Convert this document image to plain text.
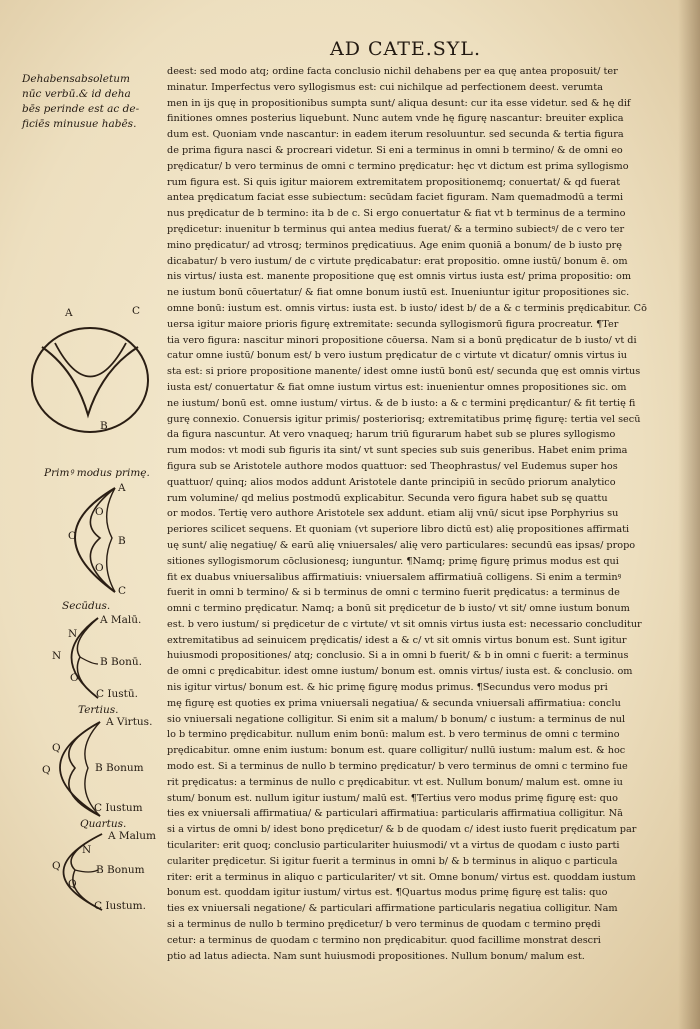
AD CATE.SYL.
Dehabensabsoletum
nūc verbū.& id deha
bēs perinde est ac de-
ficiēs minusue habēs.
deest: sed modo atq; ordine facta conclusio nichil dehabens per ea quę antea proposuit/ ter
minatur. Imperfectus vero syllogismus est: cui nichilque ad perfectionem deest. verumta
men in ijs quę in propositionibus sumpta sunt/ aliqua desunt: cur ita esse videtur. sed & hę dif
finitiones omnes posterius liquebunt. Nunc autem vnde hę figurę nascantur: breuiter explica
dum est. Quoniam vnde nascantur: in eadem iterum resoluuntur. sed secunda & tertia figura
de prima figura nasci & procreari videtur. Si eni a terminus in omni b termino/ & de omni eo
prędicatur/ b vero terminus de omni c termino prędicatur: hęc vt dictum est prima syllogismo
rum figura est. Si quis igitur maiorem extremitatem propositionemq; conuertat/ & qd fuerat
antea prędicatum faciat esse subiectum: secūdam faciet figuram. Nam quemadmodū a termi
nus prędicatur de b termino: ita b de c. Si ergo conuertatur & fiat vt b terminus de a termino
prędicetur: inuenitur b terminus qui antea medius fuerat/ & a termino subiectꝰ/ de c vero ter
mino prędicatur/ ad vtrosq; terminos prędicatiuus. Age enim quoniā a bonum/ de b iusto prę
dicabatur/ b vero iustum/ de c virtute prędicabatur: erat propositio. omne iustū/ bonum ē. om
nis virtus/ iusta est. manente propositione quę est omnis virtus iusta est/ prima propositio: om
ne iustum bonū cōuertatur/ & fiat omne bonum iustū est. Inueniuntur igitur propositiones sic.
omne bonū: iustum est. omnis virtus: iusta est. b iusto/ idest b/ de a & c terminis prędicabitur. Cō
uersa igitur maiore prioris figurę extremitate: secunda syllogismorū figura procreatur. ¶Ter
tia vero figura: nascitur minori propositione cōuersa. Nam si a bonū prędicatur de b iusto/ vt di
catur omne iustū/ bonum est/ b vero iustum prędicatur de c virtute vt dicatur/ omnis virtus iu
sta est: si priore propositione manente/ idest omne iustū bonū est/ secunda quę est omnis virtus
iusta est/ conuertatur & fiat omne iustum virtus est: inuenientur omnes propositiones sic. om
ne iustum/ bonū est. omne iustum/ virtus. & de b iusto: a & c termini prędicantur/ & fit tertię fi
gurę connexio. Conuersis igitur primis/ posteriorisq; extremitatibus primę figurę: tertia vel secū
da figura nascuntur. At vero vnaqueq; harum triū figurarum habet sub se plures syllogismo
rum modos: vt modi sub figuris ita sint/ vt sunt species sub suis generibus. Habet enim prima
figura sub se Aristotele authore modos quattuor: sed Theophrastus/ vel Eudemus super hos
quattuor/ quinq; alios modos addunt Aristotele dante principiū in secūdo priorum analytico
rum volumine/ qd melius postmodū explicabitur. Secunda vero figura habet sub sę quattu
or modos. Tertię vero authore Aristotele sex addunt. etiam alij vnū/ sicut ipse Porphyrius su
periores scilicet sequens. Et quoniam (vt superiore libro dictū est) alię propositiones affirmati
uę sunt/ alię negatiuę/ & earū alię vniuersales/ alię vero particulares: secundū eas ipsas/ propo
sitiones syllogismorum cōclusionesq; iunguntur. ¶Namq; primę figurę primus modus est qui
fit ex duabus vniuersalibus affirmatiuis: vniuersalem affirmatiuā colligens. Si enim a terminꝰ
fuerit in omni b termino/ & si b terminus de omni c termino fuerit prędicatus: a terminus de
omni c termino prędicatur. Namq; a bonū sit prędicetur de b iusto/ vt sit/ omne iustum bonum
est. b vero iustum/ si prędicetur de c virtute/ vt sit omnis virtus iusta est: necessario concluditur
extremitatibus ad seinuicem prędicatis/ idest a & c/ vt sit omnis virtus bonum est. Sunt igitur
huiusmodi propositiones/ atq; conclusio. Si a in omni b fuerit/ & b in omni c fuerit: a terminus
de omni c prędicabitur. idest omne iustum/ bonum est. omnis virtus/ iusta est. & conclusio. om
nis igitur virtus/ bonum est. & hic primę figurę modus primus. ¶Secundus vero modus pri
mę figurę est quoties ex prima vniuersali negatiua/ & secunda vniuersali affirmatiua: conclu
sio vniuersali negatione colligitur. Si enim sit a malum/ b bonum/ c iustum: a terminus de nul
lo b termino prędicabitur. nullum enim bonū: malum est. b vero terminus de omni c termino
prędicabitur. omne enim iustum: bonum est. quare colligitur/ nullū iustum: malum est. & hoc
modo est. Si a terminus de nullo b termino prędicatur/ b vero terminus de omni c termino fue
rit prędicatus: a terminus de nullo c prędicabitur. vt est. Nullum bonum/ malum est. omne iu
stum/ bonum est. nullum igitur iustum/ malū est. ¶Tertius vero modus primę figurę est: quo
ties ex vniuersali affirmatiua/ & particulari affirmatiua: particularis affirmatiua colligitur. Nā
si a virtus de omni b/ idest bono prędicetur/ & b de quodam c/ idest iusto fuerit prędicatum par
ticulariter: erit quoq; conclusio particulariter huiusmodi/ vt a virtus de quodam c iusto parti
culariter prędicetur. Si igitur fuerit a terminus in omni b/ & b terminus in aliquo c particula
riter: erit a terminus in aliquo c particulariter/ vt sit. Omne bonum/ virtus est. quoddam iustum
bonum est. quoddam igitur iustum/ virtus est. ¶Quartus modus primę figurę est talis: quo
ties ex vniuersali negatione/ & particulari affirmatione particularis negatiua colligitur. Nam
si a terminus de nullo b termino prędicetur/ b vero terminus de quodam c termino prędi
cetur: a terminus de quodam c termino non prędicabitur. quod facillime monstrat descri
ptio ad latus adiecta. Nam sunt huiusmodi propositiones. Nullum bonum/ malum est.
A	C
B
Primꝰ modus primę.
A
O
O	B
O
C
Secūdus.
A Malū.
N
N
O
B Bonū.
C Iustū.
Tertius.
A Virtus.
Q
Q	B Bonum
C Iustum
Quartus.
A Malum
N
Q
Q
B Bonum
C Iustum.
